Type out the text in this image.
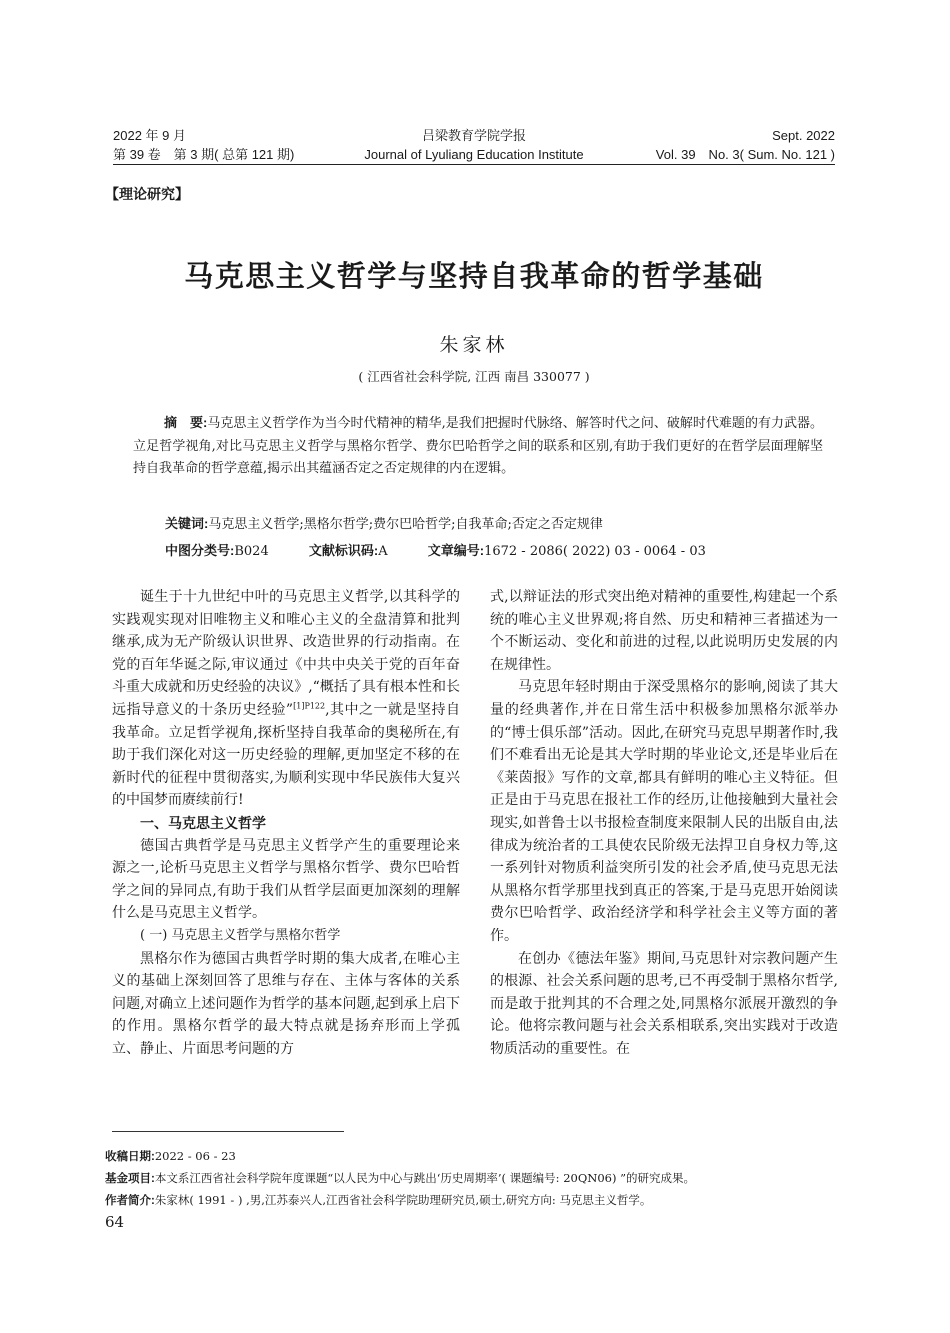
2022 年 9 月
第 39 卷　第 3 期( 总第 121 期)
吕梁教育学院学报
Journal of Lyuliang Education Institute
Sept. 2022
Vol. 39　No. 3( Sum. No. 121 )
【理论研究】
马克思主义哲学与坚持自我革命的哲学基础
朱家林
( 江西省社会科学院, 江西 南昌 330077 )
摘　要:马克思主义哲学作为当今时代精神的精华,是我们把握时代脉络、解答时代之问、破解时代难题的有力武器。立足哲学视角,对比马克思主义哲学与黑格尔哲学、费尔巴哈哲学之间的联系和区别,有助于我们更好的在哲学层面理解坚持自我革命的哲学意蕴,揭示出其蕴涵否定之否定规律的内在逻辑。
关键词:马克思主义哲学;黑格尔哲学;费尔巴哈哲学;自我革命;否定之否定规律
中图分类号:B024	文献标识码:A	文章编号:1672 - 2086( 2022) 03 - 0064 - 03

诞生于十九世纪中叶的马克思主义哲学,以其科学的实践观实现对旧唯物主义和唯心主义的全盘清算和批判继承,成为无产阶级认识世界、改造世界的行动指南。在党的百年华诞之际,审议通过《中共中央关于党的百年奋斗重大成就和历史经验的决议》,“概括了具有根本性和长远指导意义的十条历史经验”$^{[1]P122}$,其中之一就是坚持自我革命。立足哲学视角,探析坚持自我革命的奥秘所在,有助于我们深化对这一历史经验的理解,更加坚定不移的在新时代的征程中贯彻落实,为顺利实现中华民族伟大复兴的中国梦而赓续前行!

一、马克思主义哲学

德国古典哲学是马克思主义哲学产生的重要理论来源之一,论析马克思主义哲学与黑格尔哲学、费尔巴哈哲学之间的异同点,有助于我们从哲学层面更加深刻的理解什么是马克思主义哲学。

( 一) 马克思主义哲学与黑格尔哲学

黑格尔作为德国古典哲学时期的集大成者,在唯心主义的基础上深刻回答了思维与存在、主体与客体的关系问题,对确立上述问题作为哲学的基本问题,起到承上启下的作用。黑格尔哲学的最大特点就是扬弃形而上学孤立、静止、片面思考问题的方

式,以辩证法的形式突出绝对精神的重要性,构建起一个系统的唯心主义世界观;将自然、历史和精神三者描述为一个不断运动、变化和前进的过程,以此说明历史发展的内在规律性。

马克思年轻时期由于深受黑格尔的影响,阅读了其大量的经典著作,并在日常生活中积极参加黑格尔派举办的“博士俱乐部”活动。因此,在研究马克思早期著作时,我们不难看出无论是其大学时期的毕业论文,还是毕业后在《莱茵报》写作的文章,都具有鲜明的唯心主义特征。但正是由于马克思在报社工作的经历,让他接触到大量社会现实,如普鲁士以书报检查制度来限制人民的出版自由,法律成为统治者的工具使农民阶级无法捍卫自身权力等,这一系列针对物质利益突所引发的社会矛盾,使马克思无法从黑格尔哲学那里找到真正的答案,于是马克思开始阅读费尔巴哈哲学、政治经济学和科学社会主义等方面的著作。

在创办《德法年鉴》期间,马克思针对宗教问题产生的根源、社会关系问题的思考,已不再受制于黑格尔哲学,而是敢于批判其的不合理之处,同黑格尔派展开激烈的争论。他将宗教问题与社会关系相联系,突出实践对于改造物质活动的重要性。在

收稿日期:2022 - 06 - 23
基金项目:本文系江西省社会科学院年度课题“以人民为中心与跳出‘历史周期率’( 课题编号: 20QN06) ”的研究成果。
作者简介:朱家林( 1991 - ) ,男,江苏泰兴人,江西省社会科学院助理研究员,硕士,研究方向: 马克思主义哲学。
64
